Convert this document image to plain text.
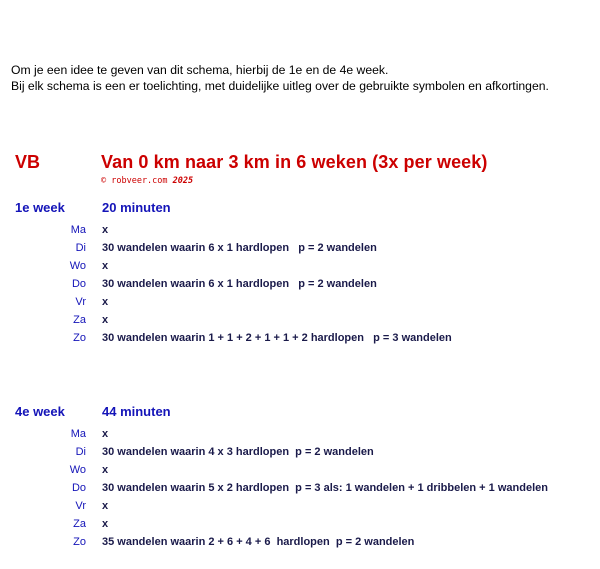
Om je een idee te geven van dit schema, hierbij de 1e en de 4e week.
Bij elk schema is een er toelichting, met duidelijke uitleg over de gebruikte symbolen en afkortingen.
VB	Van 0 km naar 3 km in 6 weken (3x per week)
© robveer.com 2025
1e week	20 minuten
Ma x
Di 30 wandelen waarin 6 x 1 hardlopen   p = 2 wandelen
Wo x
Do 30 wandelen waarin 6 x 1 hardlopen   p = 2 wandelen
Vr x
Za x
Zo 30 wandelen waarin 1 + 1 + 2 + 1 + 1 + 2 hardlopen   p = 3 wandelen
4e week	44 minuten
Ma x
Di 30 wandelen waarin 4 x 3 hardlopen  p = 2 wandelen
Wo x
Do 30 wandelen waarin 5 x 2 hardlopen  p = 3 als: 1 wandelen + 1 dribbelen + 1 wandelen
Vr x
Za x
Zo 35 wandelen waarin 2 + 6 + 4 + 6  hardlopen  p = 2 wandelen
